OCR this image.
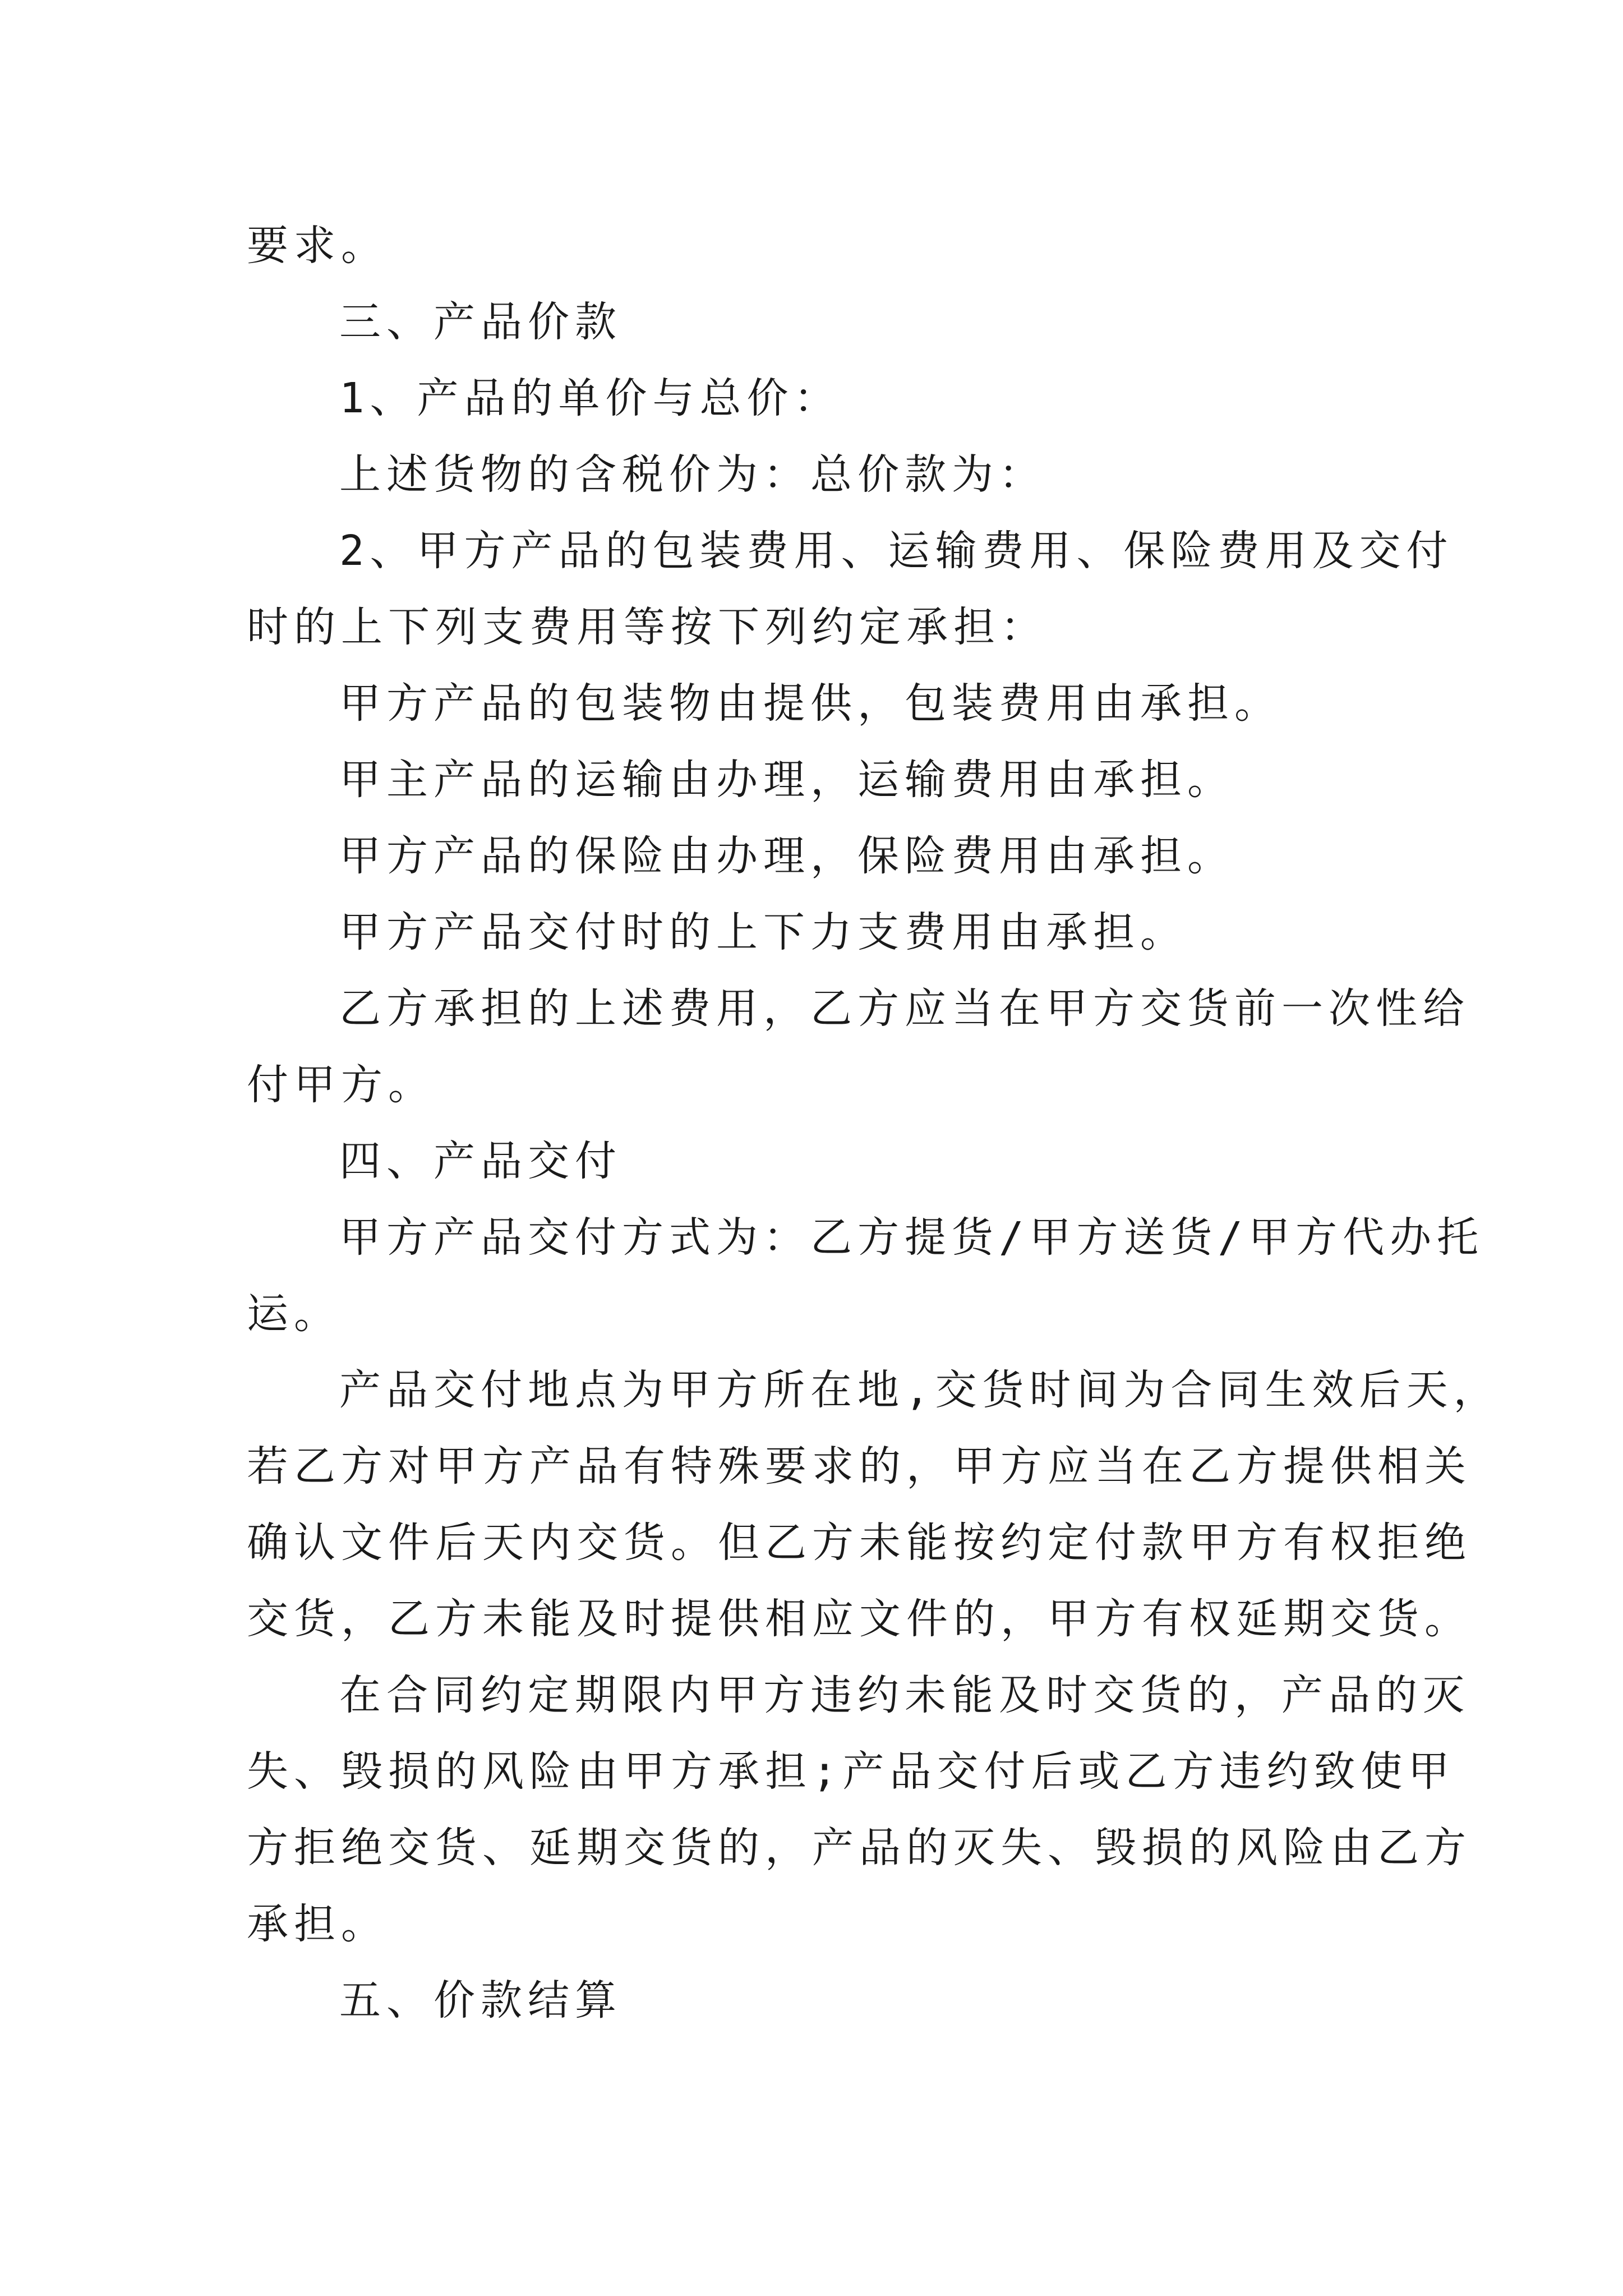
要求。
三、产品价款
1、产品的单价与总价：
上述货物的含税价为：总价款为：
2、甲方产品的包装费用、运输费用、保险费用及交付
时的上下列支费用等按下列约定承担：
甲方产品的包装物由提供，包装费用由承担。
甲主产品的运输由办理，运输费用由承担。
甲方产品的保险由办理，保险费用由承担。
甲方产品交付时的上下力支费用由承担。
乙方承担的上述费用，乙方应当在甲方交货前一次性给
付甲方。
四、产品交付
甲方产品交付方式为：乙方提货/甲方送货/甲方代办托
运。
产品交付地点为甲方所在地,交货时间为合同生效后天，
若乙方对甲方产品有特殊要求的，甲方应当在乙方提供相关
确认文件后天内交货。但乙方未能按约定付款甲方有权拒绝
交货，乙方未能及时提供相应文件的，甲方有权延期交货。
在合同约定期限内甲方违约未能及时交货的，产品的灭
失、毁损的风险由甲方承担;产品交付后或乙方违约致使甲
方拒绝交货、延期交货的，产品的灭失、毁损的风险由乙方
承担。
五、价款结算
